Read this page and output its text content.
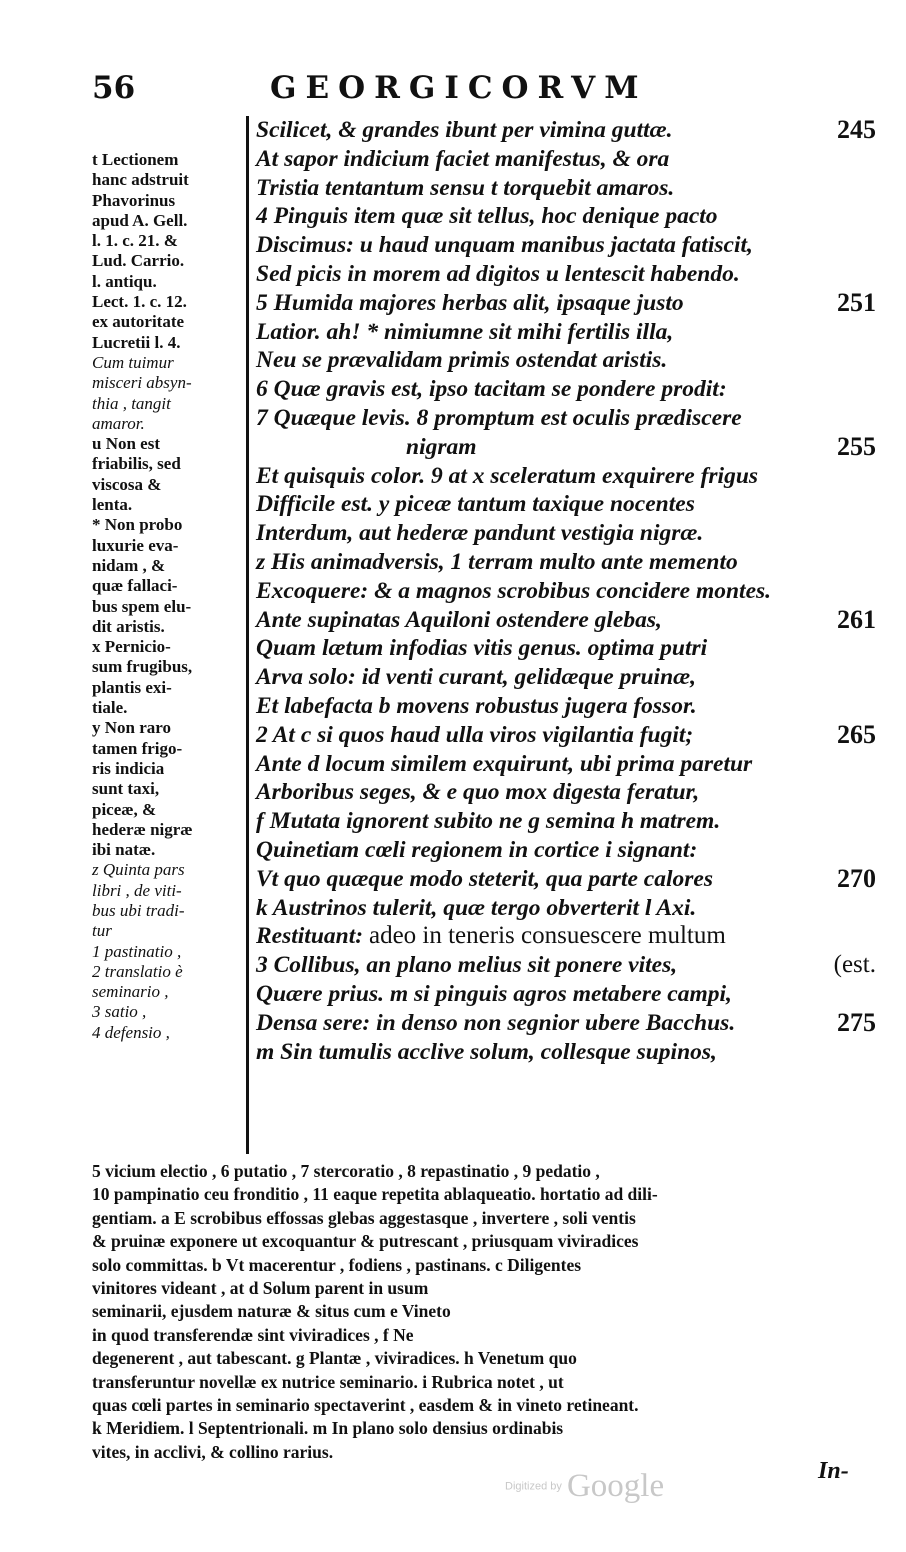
56	GEORGICORVM
t Lectionem
hanc adstruit
Phavorinus
apud A. Gell.
l. 1. c. 21. &
Lud. Carrio.
l. antiqu.
Lect. 1. c. 12.
ex autoritate
Lucretii l. 4.
Cum tuimur
misceri absyn-
thia , tangit
amaror.
u Non est
friabilis, sed
viscosa &
lenta.
* Non probo
luxurie eva-
nidam , &
quæ fallaci-
bus spem elu-
dit aristis.
x Pernicio-
sum frugibus,
plantis exi-
tiale.
y Non raro
tamen frigo-
ris indicia
sunt taxi,
piceæ, &
hederæ nigræ
ibi natæ.
z Quinta pars
libri , de viti-
bus ubi tradi-
tur
1 pastinatio ,
2 translatio è
seminario ,
3 satio ,
4 defensio ,
Scilicet, & grandes ibunt per vimina guttæ.	245
At sapor indicium faciet manifestus, & ora
Tristia tentantum sensu t torquebit amaros.
4 Pinguis item quæ sit tellus, hoc denique pacto
Discimus: u haud unquam manibus jactata fatiscit,
Sed picis in morem ad digitos u lentescit habendo.
5 Humida majores herbas alit, ipsaque justo	251
Latior. ah! * nimiumne sit mihi fertilis illa,
Neu se prævalidam primis ostendat aristis.
6 Quæ gravis est, ipso tacitam se pondere prodit:
7 Quæque levis. 8 promptum est oculis prædiscere
nigram	255
Et quisquis color. 9 at x sceleratum exquirere frigus
Difficile est. y piceæ tantum taxique nocentes
Interdum, aut hederæ pandunt vestigia nigræ.
z His animadversis, 1 terram multo ante memento
Excoquere: & a magnos scrobibus concidere montes.
Ante supinatas Aquiloni ostendere glebas,	261
Quam lætum infodias vitis genus. optima putri
Arva solo: id venti curant, gelidæque pruinæ,
Et labefacta b movens robustus jugera fossor.
2 At c si quos haud ulla viros vigilantia fugit;	265
Ante d locum similem exquirunt, ubi prima paretur
Arboribus seges, & e quo mox digesta feratur,
f Mutata ignorent subito ne g semina h matrem.
Quinetiam cœli regionem in cortice i signant:
Vt quo quæque modo steterit, qua parte calores	270
k Austrinos tulerit, quæ tergo obverterit l Axi.
Restituant: adeo in teneris consuescere multum
3 Collibus, an plano melius sit ponere vites,	(est.
Quære prius. m si pinguis agros metabere campi,
Densa sere: in denso non segnior ubere Bacchus.	275
m Sin tumulis acclive solum, collesque supinos,
5 vicium electio , 6 putatio , 7 stercoratio , 8 repastinatio , 9 pedatio ,
10 pampinatio ceu fronditio , 11 eaque repetita ablaqueatio. hortatio ad dili-
gentiam. a E scrobibus effossas glebas aggestasque , invertere , soli ventis
& pruinæ exponere ut excoquantur & putrescant , priusquam viviradices
solo committas. b Vt macerentur , fodiens , pastinans. c Diligentes
vinitores videant , at d Solum parent in usum
seminarii, ejusdem naturæ & situs cum e Vineto
in quod transferendæ sint viviradices , f Ne
degenerent , aut tabescant. g Plantæ , viviradices. h Venetum quo
transferuntur novellæ ex nutrice seminario. i Rubrica notet , ut
quas cœli partes in seminario spectaverint , easdem & in vineto retineant.
k Meridiem. l Septentrionali. m In plano solo densius ordinabis
vites, in acclivi, & collino rarius.
In-
Digitized by Google
